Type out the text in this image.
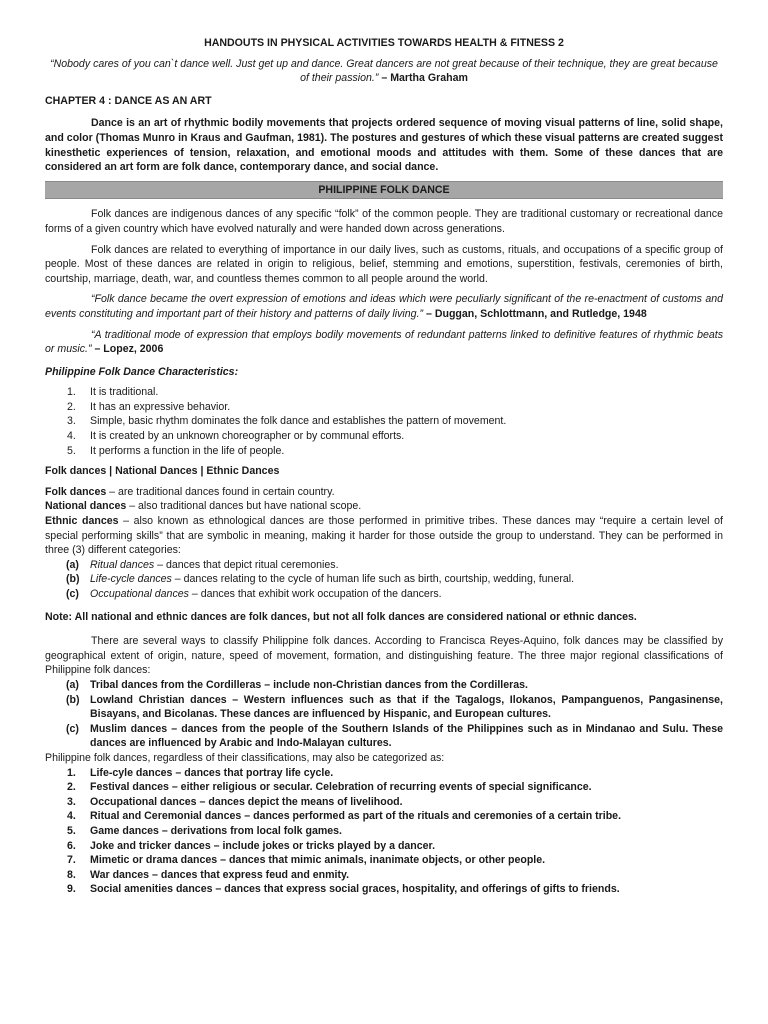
HANDOUTS IN PHYSICAL ACTIVITIES TOWARDS HEALTH & FITNESS 2
“Nobody cares of you can`t dance well. Just get up and dance. Great dancers are not great because of their technique, they are great because of their passion.” – Martha Graham
CHAPTER 4 : DANCE AS AN ART
Dance is an art of rhythmic bodily movements that projects ordered sequence of moving visual patterns of line, solid shape, and color (Thomas Munro in Kraus and Gaufman, 1981). The postures and gestures of which these visual patterns are created suggest kinesthetic experiences of tension, relaxation, and emotional moods and attitudes with them. Some of these dances that are considered an art form are folk dance, contemporary dance, and social dance.
PHILIPPINE FOLK DANCE
Folk dances are indigenous dances of any specific “folk” of the common people. They are traditional customary or recreational dance forms of a given country which have evolved naturally and were handed down across generations.
Folk dances are related to everything of importance in our daily lives, such as customs, rituals, and occupations of a specific group of people. Most of these dances are related in origin to religious, belief, stemming and emotions, superstition, festivals, ceremonies of birth, courtship, marriage, death, war, and countless themes common to all people around the world.
“Folk dance became the overt expression of emotions and ideas which were peculiarly significant of the re-enactment of customs and events constituting and important part of their history and patterns of daily living.” – Duggan, Schlottmann, and Rutledge, 1948
“A traditional mode of expression that employs bodily movements of redundant patterns linked to definitive features of rhythmic beats or music.” – Lopez, 2006
Philippine Folk Dance Characteristics:
1. It is traditional.
2. It has an expressive behavior.
3. Simple, basic rhythm dominates the folk dance and establishes the pattern of movement.
4. It is created by an unknown choreographer or by communal efforts.
5. It performs a function in the life of people.
Folk dances | National Dances | Ethnic Dances
Folk dances – are traditional dances found in certain country.
National dances – also traditional dances but have national scope.
Ethnic dances – also known as ethnological dances are those performed in primitive tribes. These dances may “require a certain level of special performing skills” that are symbolic in meaning, making it harder for those outside the group to understand. They can be performed in three (3) different categories:
(a) Ritual dances – dances that depict ritual ceremonies.
(b) Life-cycle dances – dances relating to the cycle of human life such as birth, courtship, wedding, funeral.
(c) Occupational dances – dances that exhibit work occupation of the dancers.
Note: All national and ethnic dances are folk dances, but not all folk dances are considered national or ethnic dances.
There are several ways to classify Philippine folk dances. According to Francisca Reyes-Aquino, folk dances may be classified by geographical extent of origin, nature, speed of movement, formation, and distinguishing feature. The three major regional classifications of Philippine folk dances:
(a) Tribal dances from the Cordilleras – include non-Christian dances from the Cordilleras.
(b) Lowland Christian dances – Western influences such as that if the Tagalogs, Ilokanos, Pampanguenos, Pangasinense, Bisayans, and Bicolanas. These dances are influenced by Hispanic, and European cultures.
(c) Muslim dances – dances from the people of the Southern Islands of the Philippines such as in Mindanao and Sulu. These dances are influenced by Arabic and Indo-Malayan cultures.
Philippine folk dances, regardless of their classifications, may also be categorized as:
1. Life-cyle dances – dances that portray life cycle.
2. Festival dances – either religious or secular. Celebration of recurring events of special significance.
3. Occupational dances – dances depict the means of livelihood.
4. Ritual and Ceremonial dances – dances performed as part of the rituals and ceremonies of a certain tribe.
5. Game dances – derivations from local folk games.
6. Joke and tricker dances – include jokes or tricks played by a dancer.
7. Mimetic or drama dances – dances that mimic animals, inanimate objects, or other people.
8. War dances – dances that express feud and enmity.
9. Social amenities dances – dances that express social graces, hospitality, and offerings of gifts to friends.
